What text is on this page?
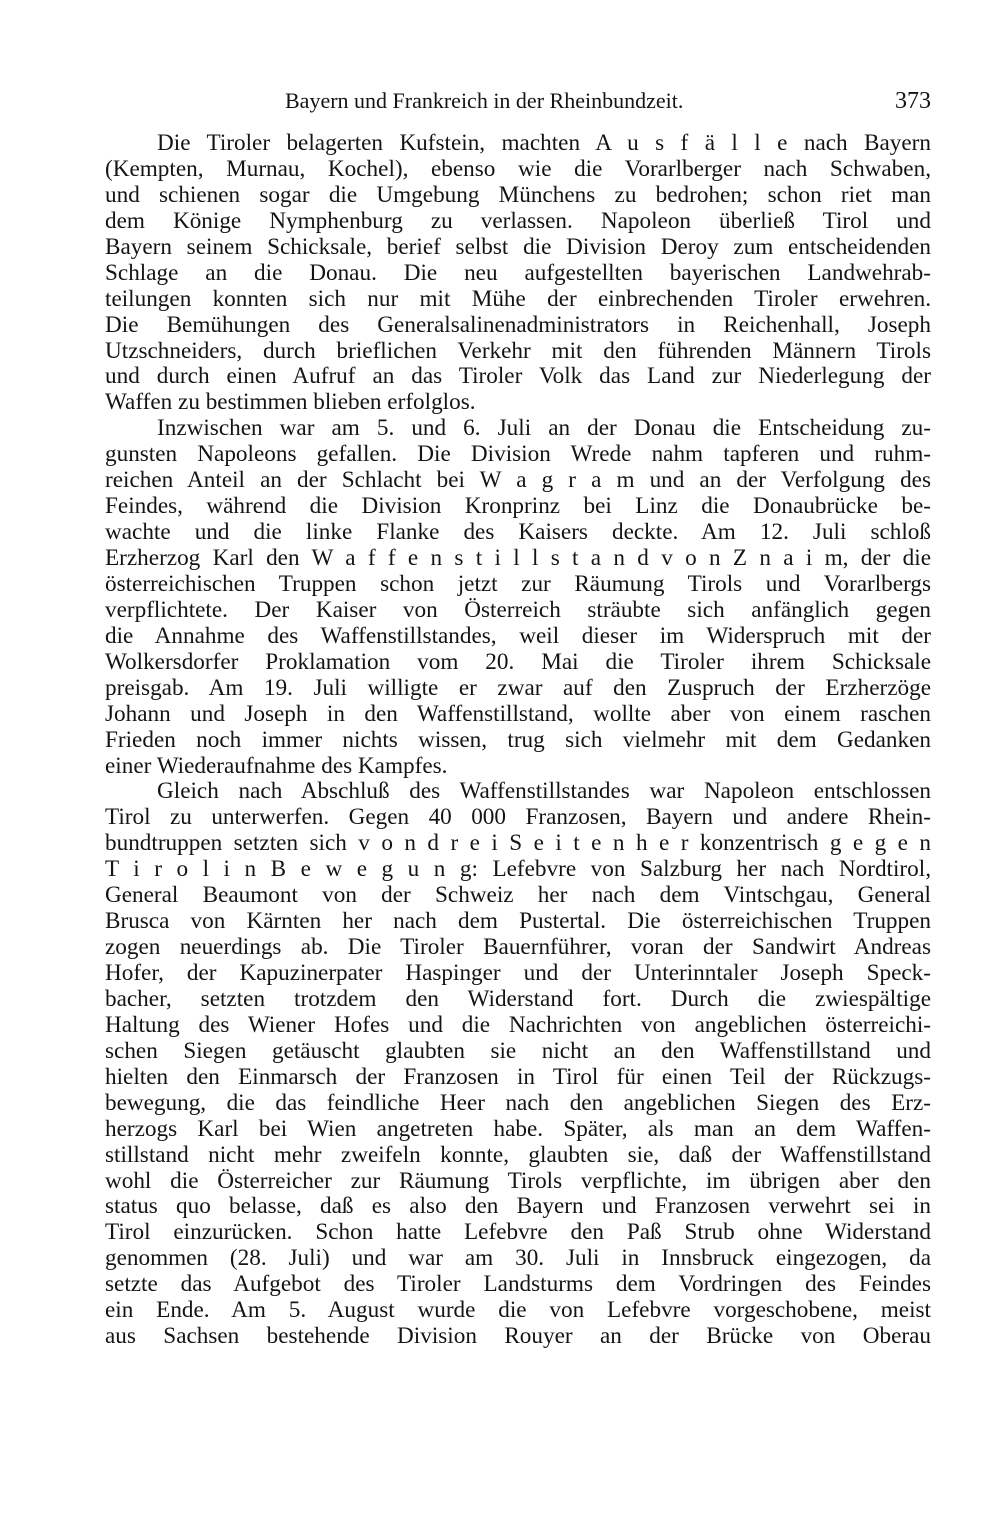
Bayern und Frankreich in der Rheinbundzeit.	373
Die Tiroler belagerten Kufstein, machten A u s f ä l l e nach Bayern
(Kempten, Murnau, Kochel), ebenso wie die Vorarlberger nach Schwaben,
und schienen sogar die Umgebung Münchens zu bedrohen; schon riet man
dem Könige Nymphenburg zu verlassen. Napoleon überließ Tirol und
Bayern seinem Schicksale, berief selbst die Division Deroy zum entscheidenden
Schlage an die Donau. Die neu aufgestellten bayerischen Landwehrab-
teilungen konnten sich nur mit Mühe der einbrechenden Tiroler erwehren.
Die Bemühungen des Generalsalinenadministrators in Reichenhall, Joseph
Utzschneiders, durch brieflichen Verkehr mit den führenden Männern Tirols
und durch einen Aufruf an das Tiroler Volk das Land zur Niederlegung der
Waffen zu bestimmen blieben erfolglos.
Inzwischen war am 5. und 6. Juli an der Donau die Entscheidung zu-
gunsten Napoleons gefallen. Die Division Wrede nahm tapferen und ruhm-
reichen Anteil an der Schlacht bei W a g r a m und an der Verfolgung des
Feindes, während die Division Kronprinz bei Linz die Donaubrücke be-
wachte und die linke Flanke des Kaisers deckte. Am 12. Juli schloß
Erzherzog Karl den W a f f e n s t i l l s t a n d v o n Z n a i m, der die
österreichischen Truppen schon jetzt zur Räumung Tirols und Vorarlbergs
verpflichtete. Der Kaiser von Österreich sträubte sich anfänglich gegen
die Annahme des Waffenstillstandes, weil dieser im Widerspruch mit der
Wolkersdorfer Proklamation vom 20. Mai die Tiroler ihrem Schicksale
preisgab. Am 19. Juli willigte er zwar auf den Zuspruch der Erzherzöge
Johann und Joseph in den Waffenstillstand, wollte aber von einem raschen
Frieden noch immer nichts wissen, trug sich vielmehr mit dem Gedanken
einer Wiederaufnahme des Kampfes.
Gleich nach Abschluß des Waffenstillstandes war Napoleon entschlossen
Tirol zu unterwerfen. Gegen 40 000 Franzosen, Bayern und andere Rhein-
bundtruppen setzten sich v o n d r e i S e i t e n h e r konzentrisch g e g e n
T i r o l i n B e w e g u n g: Lefebvre von Salzburg her nach Nordtirol,
General Beaumont von der Schweiz her nach dem Vintschgau, General
Brusca von Kärnten her nach dem Pustertal. Die österreichischen Truppen
zogen neuerdings ab. Die Tiroler Bauernführer, voran der Sandwirt Andreas
Hofer, der Kapuzinerpater Haspinger und der Unterinntaler Joseph Speck-
bacher, setzten trotzdem den Widerstand fort. Durch die zwiespältige
Haltung des Wiener Hofes und die Nachrichten von angeblichen österreichi-
schen Siegen getäuscht glaubten sie nicht an den Waffenstillstand und
hielten den Einmarsch der Franzosen in Tirol für einen Teil der Rückzugs-
bewegung, die das feindliche Heer nach den angeblichen Siegen des Erz-
herzogs Karl bei Wien angetreten habe. Später, als man an dem Waffen-
stillstand nicht mehr zweifeln konnte, glaubten sie, daß der Waffenstillstand
wohl die Österreicher zur Räumung Tirols verpflichte, im übrigen aber den
status quo belasse, daß es also den Bayern und Franzosen verwehrt sei in
Tirol einzurücken. Schon hatte Lefebvre den Paß Strub ohne Widerstand
genommen (28. Juli) und war am 30. Juli in Innsbruck eingezogen, da
setzte das Aufgebot des Tiroler Landsturms dem Vordringen des Feindes
ein Ende. Am 5. August wurde die von Lefebvre vorgeschobene, meist
aus Sachsen bestehende Division Rouyer an der Brücke von Oberau
